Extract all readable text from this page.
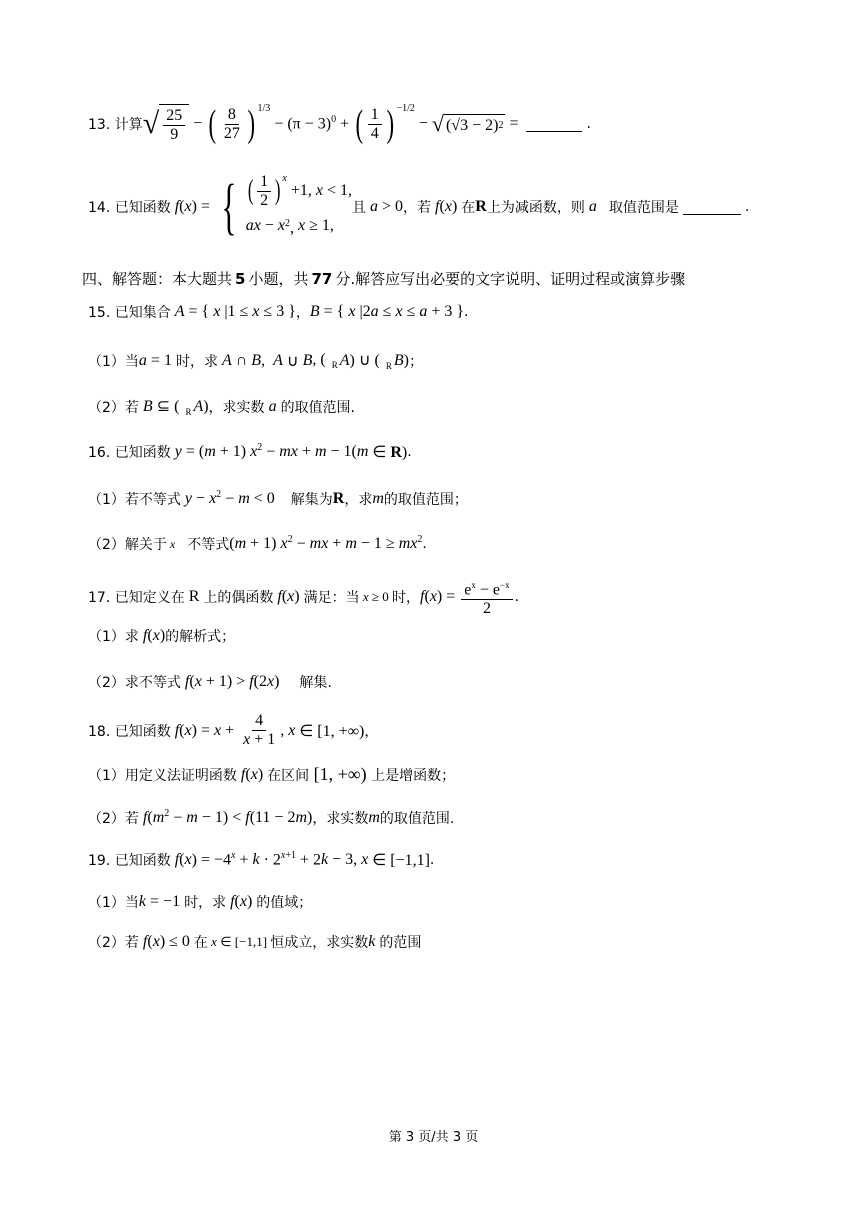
13. 计算 √ $\frac{25}{9}$ − ( $\frac{8}{27}$ ) 1/3
− $(\pi - 3)^0$ + ( $\frac{1}{4}$ ) −1/2
− √ (√3 − 2) 2 =	.
14. 已知函数 f ( x ) = { ( $\frac{1}{2}$ ) x
+1, x < 1,
ax − x $^2$, x ≥ 1,
且 a > 0 ，若 f ( x ) 在 R 上为减函数，则 a 取值范围是	.
四、解答题：本大题共 5 小题，共 77 分.解答应写出必要的文字说明、证明过程或演算步骤
15. 已知集合 A = { x |1 ≤ x ≤ 3 } ， B = { x |2 a ≤ x ≤ a + 3 } .
（1）当 a = 1 时，求 A ∩ B , A ∪ B , ( $_R$ A ) ∪ ( $_R$ B ) ；
（2）若 B ⊆ ( $_R$ A ) ，求实数 a 的取值范围.
16. 已知函数 y = ( m + 1) x $^2$ − mx + m − 1( m ∈ R) .
（1）若不等式 y − x $^2$ − m < 0 解集为 R ，求 m 的取值范围；
（2）解关于 x 不等式 ( m + 1) x $^2$ − mx + m − 1 ≥ mx $^2$ .
17. 已知定义在 R 上的偶函数 f ( x ) 满足：当 x ≥ 0 时， f ( x ) = $\frac{e^x - e^{-x}}{2}$ .
（1）求 f ( x ) 的解析式；
（2）求不等式 f ( x + 1) > f (2 x ) 解集.
18. 已知函数 f ( x ) = $x + \frac{4}{x + 1}$ , x ∈ [1, +∞) ，
（1）用定义法证明函数 f ( x ) 在区间 [1, +∞) 上是增函数；
（2）若 f ( m $^2$ − m − 1) < f (11 − 2 m ) ，求实数 m 的取值范围.
19. 已知函数 f ( x ) = $-4^x + k \cdot 2^{x+1} + 2$ k − 3, x ∈ [−1,1] .
（1）当 k = −1 时，求 f ( x ) 的值域；
（2）若 f ( x ) ≤ 0 在 x ∈ [−1,1] 恒成立，求实数 k 的范围
第 3 页/共 3 页
